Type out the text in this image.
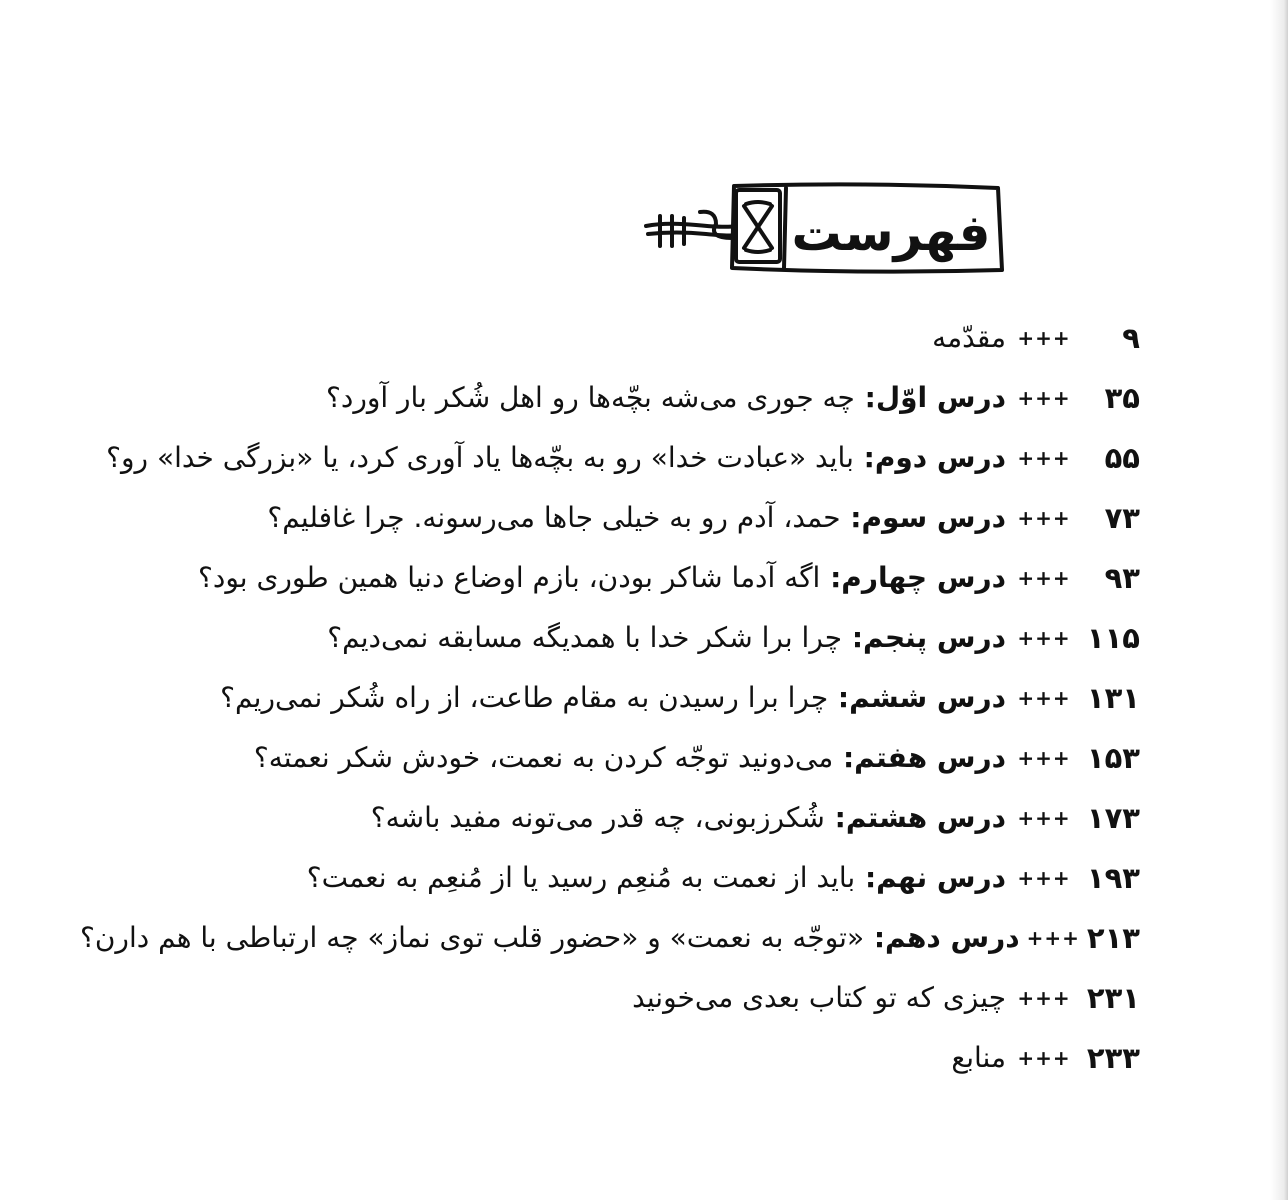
فهرست
۹
+++
مقدّمه
۳۵
+++
درس اوّل: چه جوری می‌شه بچّه‌ها رو اهل شُکر بار آورد؟
۵۵
+++
درس دوم: باید «عبادت خدا» رو به بچّه‌ها یاد آوری کرد، یا «بزرگی خدا» رو؟
۷۳
+++
درس سوم: حمد، آدم رو به خیلی جاها می‌رسونه. چرا غافلیم؟
۹۳
+++
درس چهارم: اگه آدما شاکر بودن، بازم اوضاع دنیا همین طوری بود؟
۱۱۵
+++
درس پنجم: چرا برا شکر خدا با همدیگه مسابقه نمی‌دیم؟
۱۳۱
+++
درس ششم: چرا برا رسیدن به مقام طاعت، از راه شُکر نمی‌ریم؟
۱۵۳
+++
درس هفتم: می‌دونید توجّه کردن به نعمت، خودش شکر نعمته؟
۱۷۳
+++
درس هشتم: شُکرزبونی، چه قدر می‌تونه مفید باشه؟
۱۹۳
+++
درس نهم: باید از نعمت به مُنعِم رسید یا از مُنعِم به نعمت؟
۲۱۳
+++
درس دهم: «توجّه به نعمت» و «حضور قلب توی نماز» چه ارتباطی با هم دارن؟
۲۳۱
+++
چیزی که تو کتاب بعدی می‌خونید
۲۳۳
+++
منابع
